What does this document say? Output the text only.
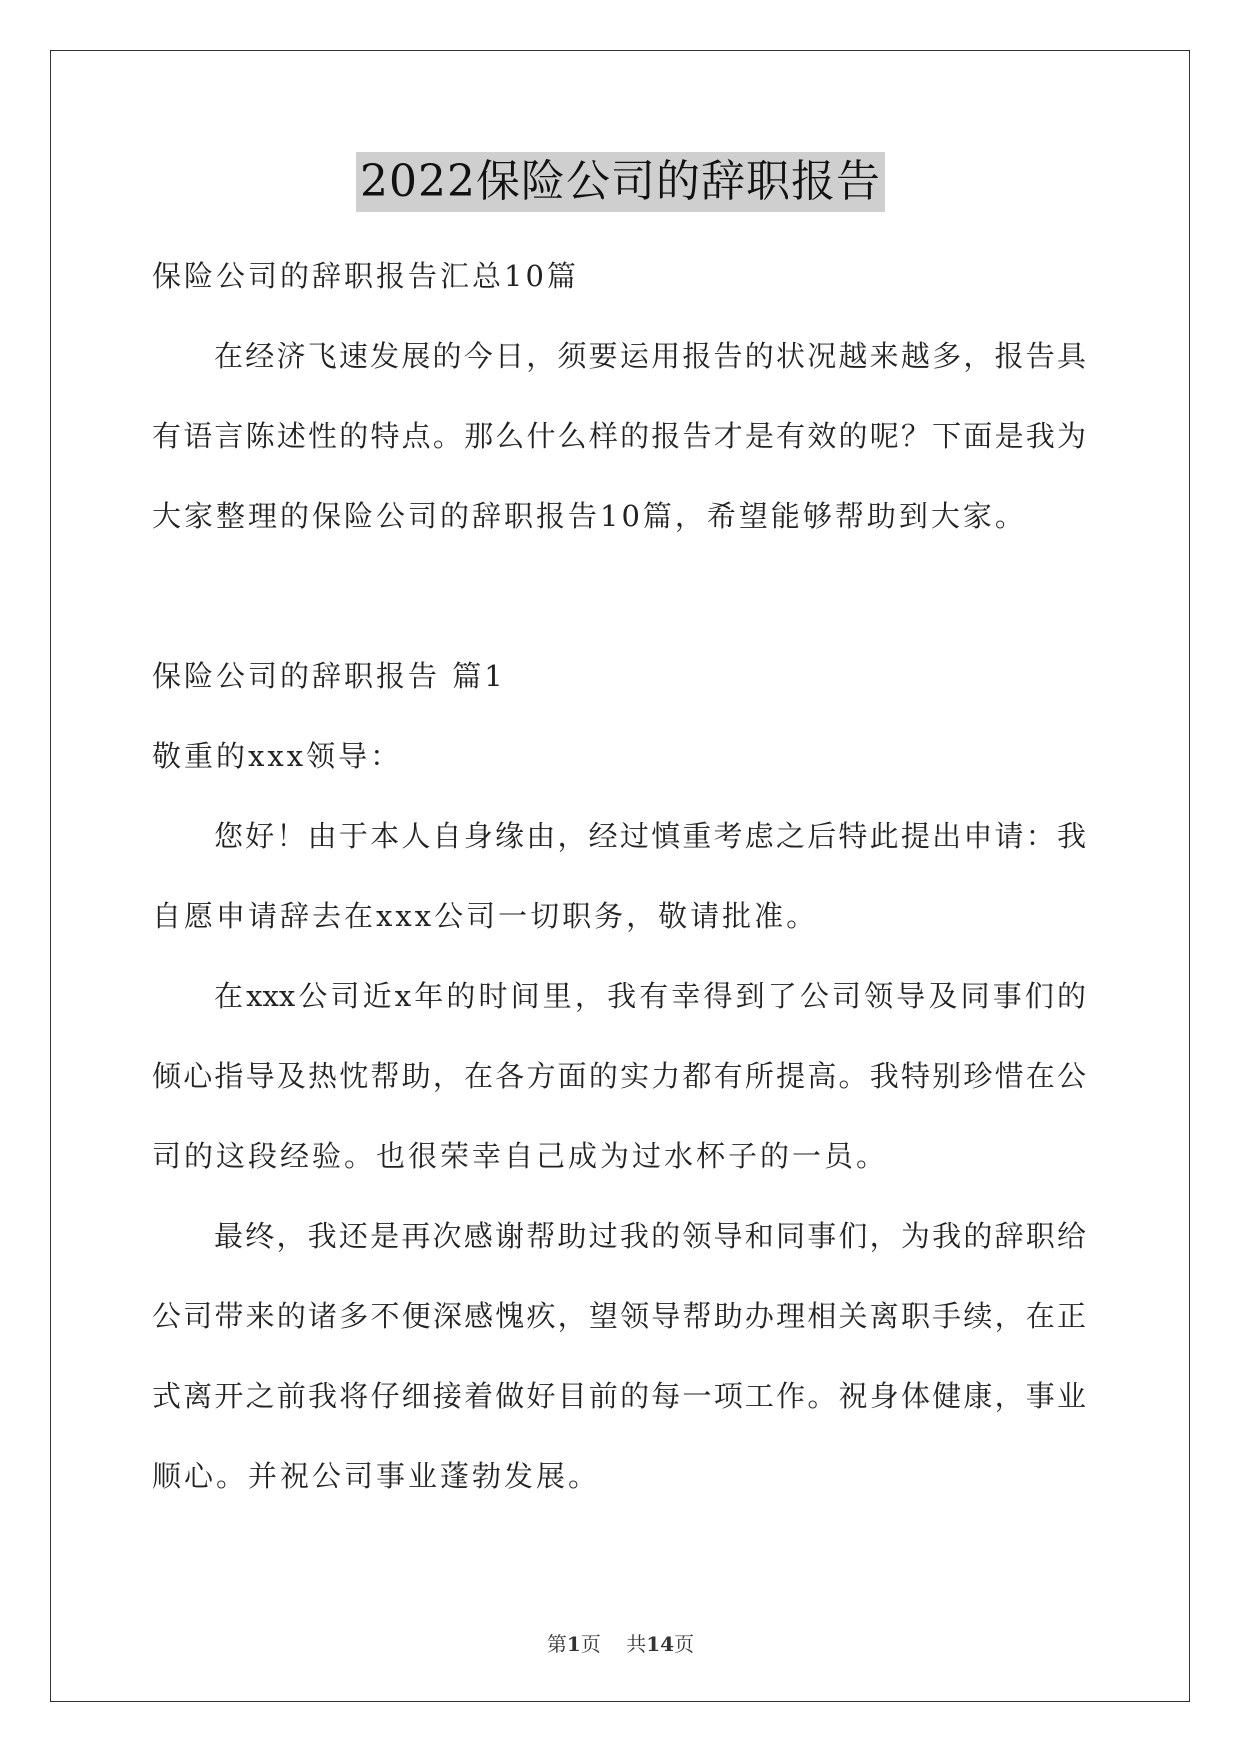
2022保险公司的辞职报告
保险公司的辞职报告汇总10篇
在经济飞速发展的今日，须要运用报告的状况越来越多，报告具
有语言陈述性的特点。那么什么样的报告才是有效的呢？下面是我为
大家整理的保险公司的辞职报告10篇，希望能够帮助到大家。
保险公司的辞职报告 篇1
敬重的xxx领导：
您好！由于本人自身缘由，经过慎重考虑之后特此提出申请：我
自愿申请辞去在xxx公司一切职务，敬请批准。
在xxx公司近x年的时间里，我有幸得到了公司领导及同事们的
倾心指导及热忱帮助，在各方面的实力都有所提高。我特别珍惜在公
司的这段经验。也很荣幸自己成为过水杯子的一员。
最终，我还是再次感谢帮助过我的领导和同事们，为我的辞职给
公司带来的诸多不便深感愧疚，望领导帮助办理相关离职手续，在正
式离开之前我将仔细接着做好目前的每一项工作。祝身体健康，事业
顺心。并祝公司事业蓬勃发展。
第1页 共14页
